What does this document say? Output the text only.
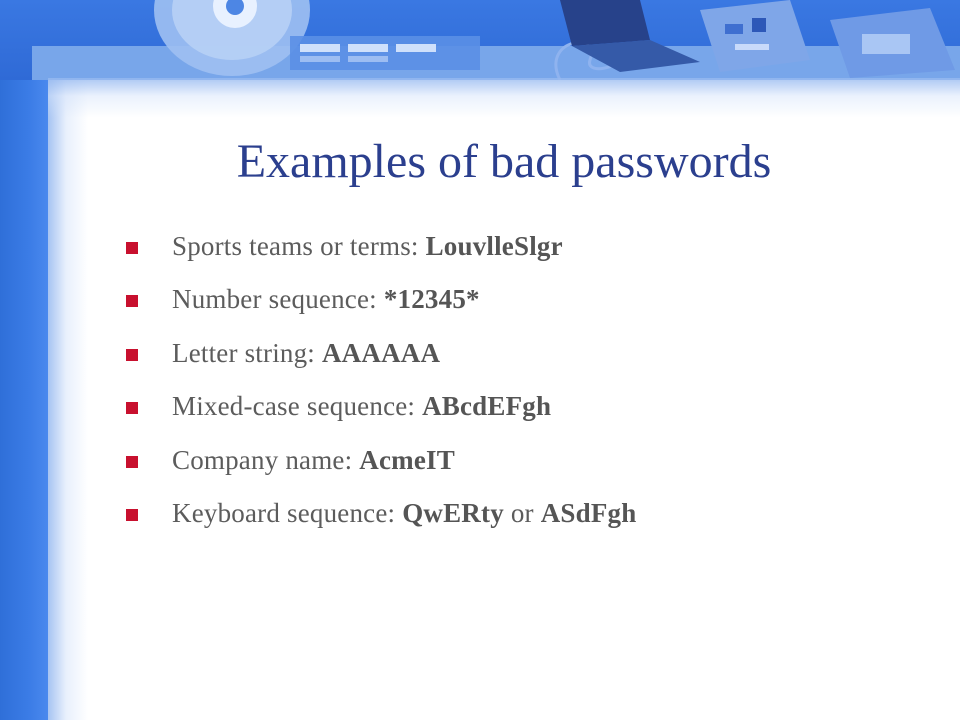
Examples of bad passwords
Sports teams or terms: LouvlleSlgr
Number sequence: *12345*
Letter string: AAAAAA
Mixed-case sequence: ABcdEFgh
Company name: AcmeIT
Keyboard sequence: QwERty or ASdFgh
